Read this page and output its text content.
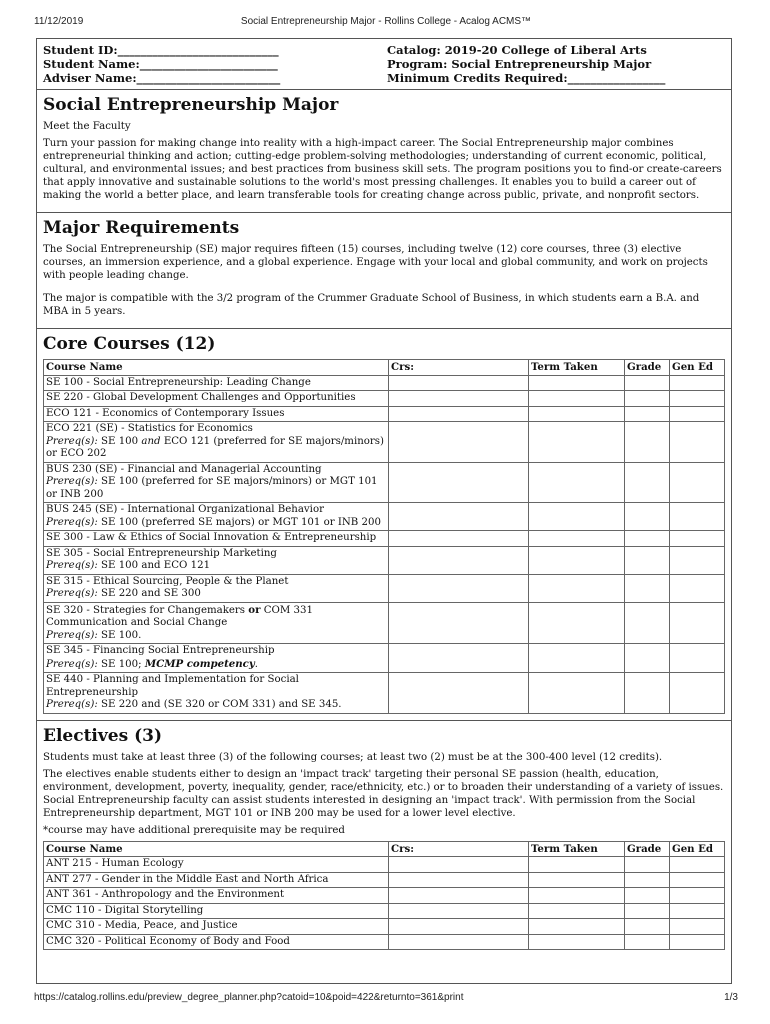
11/12/2019	Social Entrepreneurship Major - Rollins College - Acalog ACMS™
Student ID:____________________________
Student Name:________________________
Adviser Name:_________________________
Catalog: 2019-20 College of Liberal Arts
Program: Social Entrepreneurship Major
Minimum Credits Required:_________________
Social Entrepreneurship Major

Meet the Faculty

Turn your passion for making change into reality with a high-impact career. The Social Entrepreneurship major combines entrepreneurial thinking and action; cutting-edge problem-solving methodologies; understanding of current economic, political, cultural, and environmental issues; and best practices from business skill sets. The program positions you to find-or create-careers that apply innovative and sustainable solutions to the world's most pressing challenges. It enables you to build a career out of making the world a better place, and learn transferable tools for creating change across public, private, and nonprofit sectors.

Major Requirements

The Social Entrepreneurship (SE) major requires fifteen (15) courses, including twelve (12) core courses, three (3) elective courses, an immersion experience, and a global experience. Engage with your local and global community, and work on projects with people leading change.

The major is compatible with the 3/2 program of the Crummer Graduate School of Business, in which students earn a B.A. and MBA in 5 years.

Core Courses (12)
Course Name	Crs:	Term Taken	Grade	Gen Ed
SE 100 - Social Entrepreneurship: Leading Change				
SE 220 - Global Development Challenges and Opportunities				
ECO 121 - Economics of Contemporary Issues				
ECO 221 (SE) - Statistics for Economics
Prereq(s): SE 100 and ECO 121 (preferred for SE majors/minors) or ECO 202				
BUS 230 (SE) - Financial and Managerial Accounting
Prereq(s): SE 100 (preferred for SE majors/minors) or MGT 101 or INB 200				
BUS 245 (SE) - International Organizational Behavior
Prereq(s): SE 100 (preferred SE majors) or MGT 101 or INB 200				
SE 300 - Law & Ethics of Social Innovation & Entrepreneurship				
SE 305 - Social Entrepreneurship Marketing
Prereq(s): SE 100 and ECO 121				
SE 315 - Ethical Sourcing, People & the Planet
Prereq(s): SE 220 and SE 300				
SE 320 - Strategies for Changemakers or COM 331
Communication and Social Change
Prereq(s): SE 100.				
SE 345 - Financing Social Entrepreneurship
Prereq(s): SE 100; MCMP competency.				
SE 440 - Planning and Implementation for Social Entrepreneurship
Prereq(s): SE 220 and (SE 320 or COM 331) and SE 345.				
Electives (3)

Students must take at least three (3) of the following courses; at least two (2) must be at the 300-400 level (12 credits).

The electives enable students either to design an 'impact track' targeting their personal SE passion (health, education, environment, development, poverty, inequality, gender, race/ethnicity, etc.) or to broaden their understanding of a variety of issues. Social Entrepreneurship faculty can assist students interested in designing an 'impact track'. With permission from the Social Entrepreneurship department, MGT 101 or INB 200 may be used for a lower level elective.

*course may have additional prerequisite may be required

Course Name	Crs:	Term Taken	Grade	Gen Ed
ANT 215 - Human Ecology				
ANT 277 - Gender in the Middle East and North Africa				
ANT 361 - Anthropology and the Environment				
CMC 110 - Digital Storytelling				
CMC 310 - Media, Peace, and Justice				
CMC 320 - Political Economy of Body and Food				
https://catalog.rollins.edu/preview_degree_planner.php?catoid=10&poid=422&returnto=361&print	1/3
